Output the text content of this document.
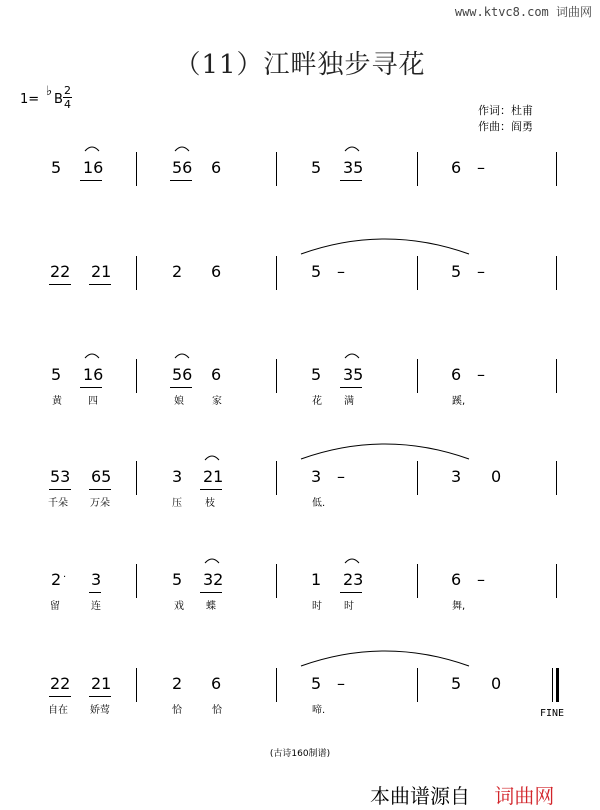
www.ktvc8.com 词曲网
（11）江畔独步寻花
1=
♭
B
2
4	作词：杜甫
作曲：阎勇
5 16	56 6	5 35	6 –
22 21	2 6	5 –	5 –
5 16	56 6	5 35	6 –
黄	四	娘	家	花 满	蹊,
53 65	3 21	3 –	3 0
千朵 万朵	压 枝	低.
2 · 3	5 32	1 23	6 –
留	连	戏 蝶	时 时	舞,
22 21	2 6	5 –	5 0
FINE
自在 娇莺	恰	恰	啼.
(古诗160制谱)
本曲谱源自 词曲网
